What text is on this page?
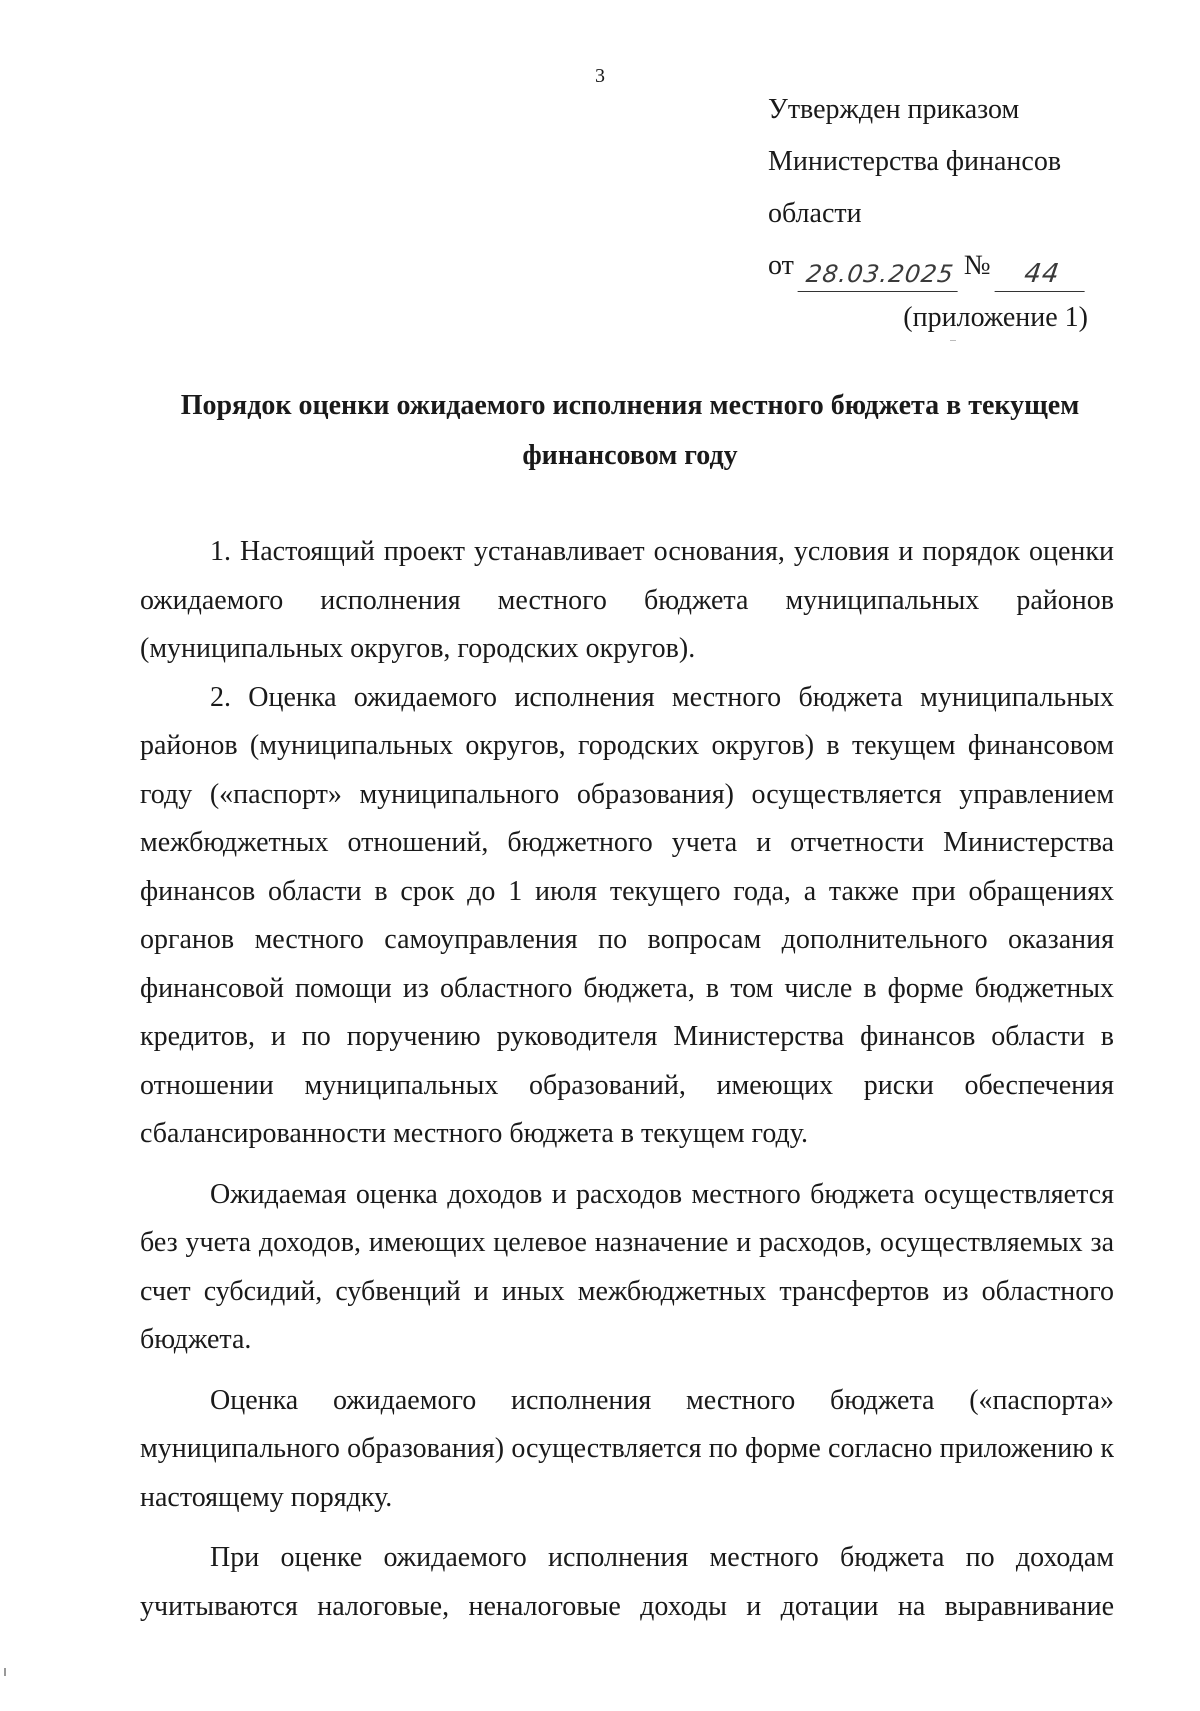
3
Утвержден приказом
Министерства финансов
области
от 28.03.2025 №	44
(приложение 1)
Порядок оценки ожидаемого исполнения местного бюджета в текущем финансовом году

1. Настоящий проект устанавливает основания, условия и порядок оценки ожидаемого исполнения местного бюджета муниципальных районов (муниципальных округов, городских округов).

2. Оценка ожидаемого исполнения местного бюджета муниципальных районов (муниципальных округов, городских округов) в текущем финансовом году («паспорт» муниципального образования) осуществляется управлением межбюджетных отношений, бюджетного учета и отчетности Министерства финансов области в срок до 1 июля текущего года, а также при обращениях органов местного самоуправления по вопросам дополнительного оказания финансовой помощи из областного бюджета, в том числе в форме бюджетных кредитов, и по поручению руководителя Министерства финансов области в отношении муниципальных образований, имеющих риски обеспечения сбалансированности местного бюджета в текущем году.

Ожидаемая оценка доходов и расходов местного бюджета осуществляется без учета доходов, имеющих целевое назначение и расходов, осуществляемых за счет субсидий, субвенций и иных межбюджетных трансфертов из областного бюджета.

Оценка ожидаемого исполнения местного бюджета («паспорта» муниципального образования) осуществляется по форме согласно приложению к настоящему порядку.

При оценке ожидаемого исполнения местного бюджета по доходам учитываются налоговые, неналоговые доходы и дотации на выравнивание
